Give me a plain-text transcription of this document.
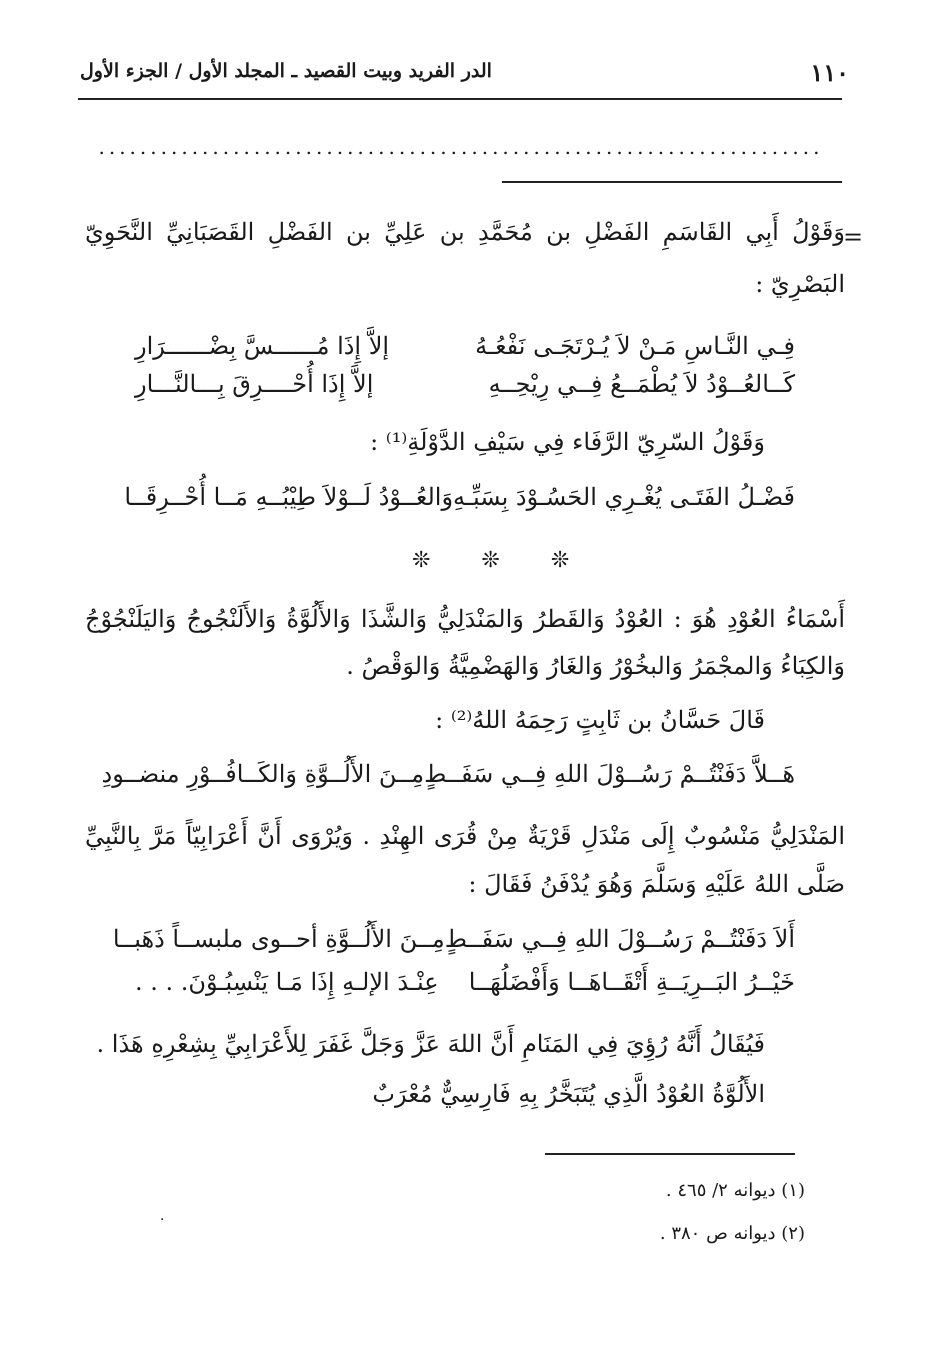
١١٠
الدر الفريد وبيت القصيد ـ المجلد الأول / الجزء الأول
......................................................................
=
وَقَوْلُ أَبِي القَاسَمِ الفَضْلِ بن مُحَمَّدِ بن عَلِيِّ بن الفَضْلِ القَصَبَانِيِّ النَّحَوِيّ
البَصْرِيّ :
فِـي النَّـاسِ مَـنْ لاَ يُـرْتَجَـى نَفْعُـهُ
إلاَّ إِذَا مُــــــسَّ بِضْــــــرَارِ
كَــالعُــوْدُ لاَ يُطْمَــعُ فِــي رِيْحِــهِ
إلاَّ إِذَا أُحْــــرِقَ بِـــالنَّـــارِ
وَقَوْلُ السّرِيّ الرَّفَاء فِي سَيْفِ الدَّوْلَةِ⁽¹⁾ :
فَضْـلُ الفَتَـى يُغْـرِي الحَسُـوْدَ بِسَبِّـهِ
وَالعُــوْدُ لَــوْلاَ طِيْبُــهِ مَــا أُحْــرِقَــا
❊ ❊ ❊
أَسْمَاءُ العُوْدِ هُوَ : العُوْدُ وَالقَطرُ وَالمَنْدَلِيُّ وَالشَّذَا وَالأَلُوَّةُ وَالأَلَنْجُوجُ وَاليَلَنْجُوْجُ
وَالكِبَاءُ وَالمجْمَرُ وَالبخُوْرُ وَالغَارُ وَالهَضْمِيَّةُ وَالوَقْصُ .
قَالَ حَسَّانُ بن ثَابِتٍ رَحِمَهُ اللهُ⁽²⁾ :
هَــلاَّ دَفَنْتُــمْ رَسُــوْلَ اللهِ فِــي سَفَــطٍ
مِــنَ الأَلُــوَّةِ وَالكَــافُــوْرِ منضــودِ
المَنْدَلِيُّ مَنْسُوبٌ إِلَى مَنْدَلِ قَرْيَةٌ مِنْ قُرَى الهِنْدِ . وَيُرْوَى أَنَّ أَعْرَابِيّاً مَرَّ بِالنَّبِيِّ
صَلَّى اللهُ عَلَيْهِ وَسَلَّمَ وَهُوَ يُدْفَنُ فَقَالَ :
أَلاَ دَفَنْتُــمْ رَسُــوْلَ اللهِ فِــي سَفَــطٍ
مِــنَ الأَلُــوَّةِ أحــوى ملبســاً ذَهَبــا
خَيْــرُ البَــرِيَــةِ أَتْقَــاهَــا وَأَفْضَلُهَــا
عِنْـدَ الإلـهِ إِذَا مَـا يَنْسِبُـوْنَ. . . .
فَيُقَالُ أَنَّهُ رُؤِيَ فِي المَنَامِ أَنَّ اللهَ عَزَّ وَجَلَّ غَفَرَ لِلأَعْرَابِيِّ بِشِعْرِهِ هَذَا .
الأَلُوَّةُ العُوْدُ الَّذِي يُتَبَخَّرُ بِهِ فَارِسِيٌّ مُعْرَبٌ
(١) ديوانه ٢/ ٤٦٥ .
(٢) ديوانه ص ٣٨٠ .
·
